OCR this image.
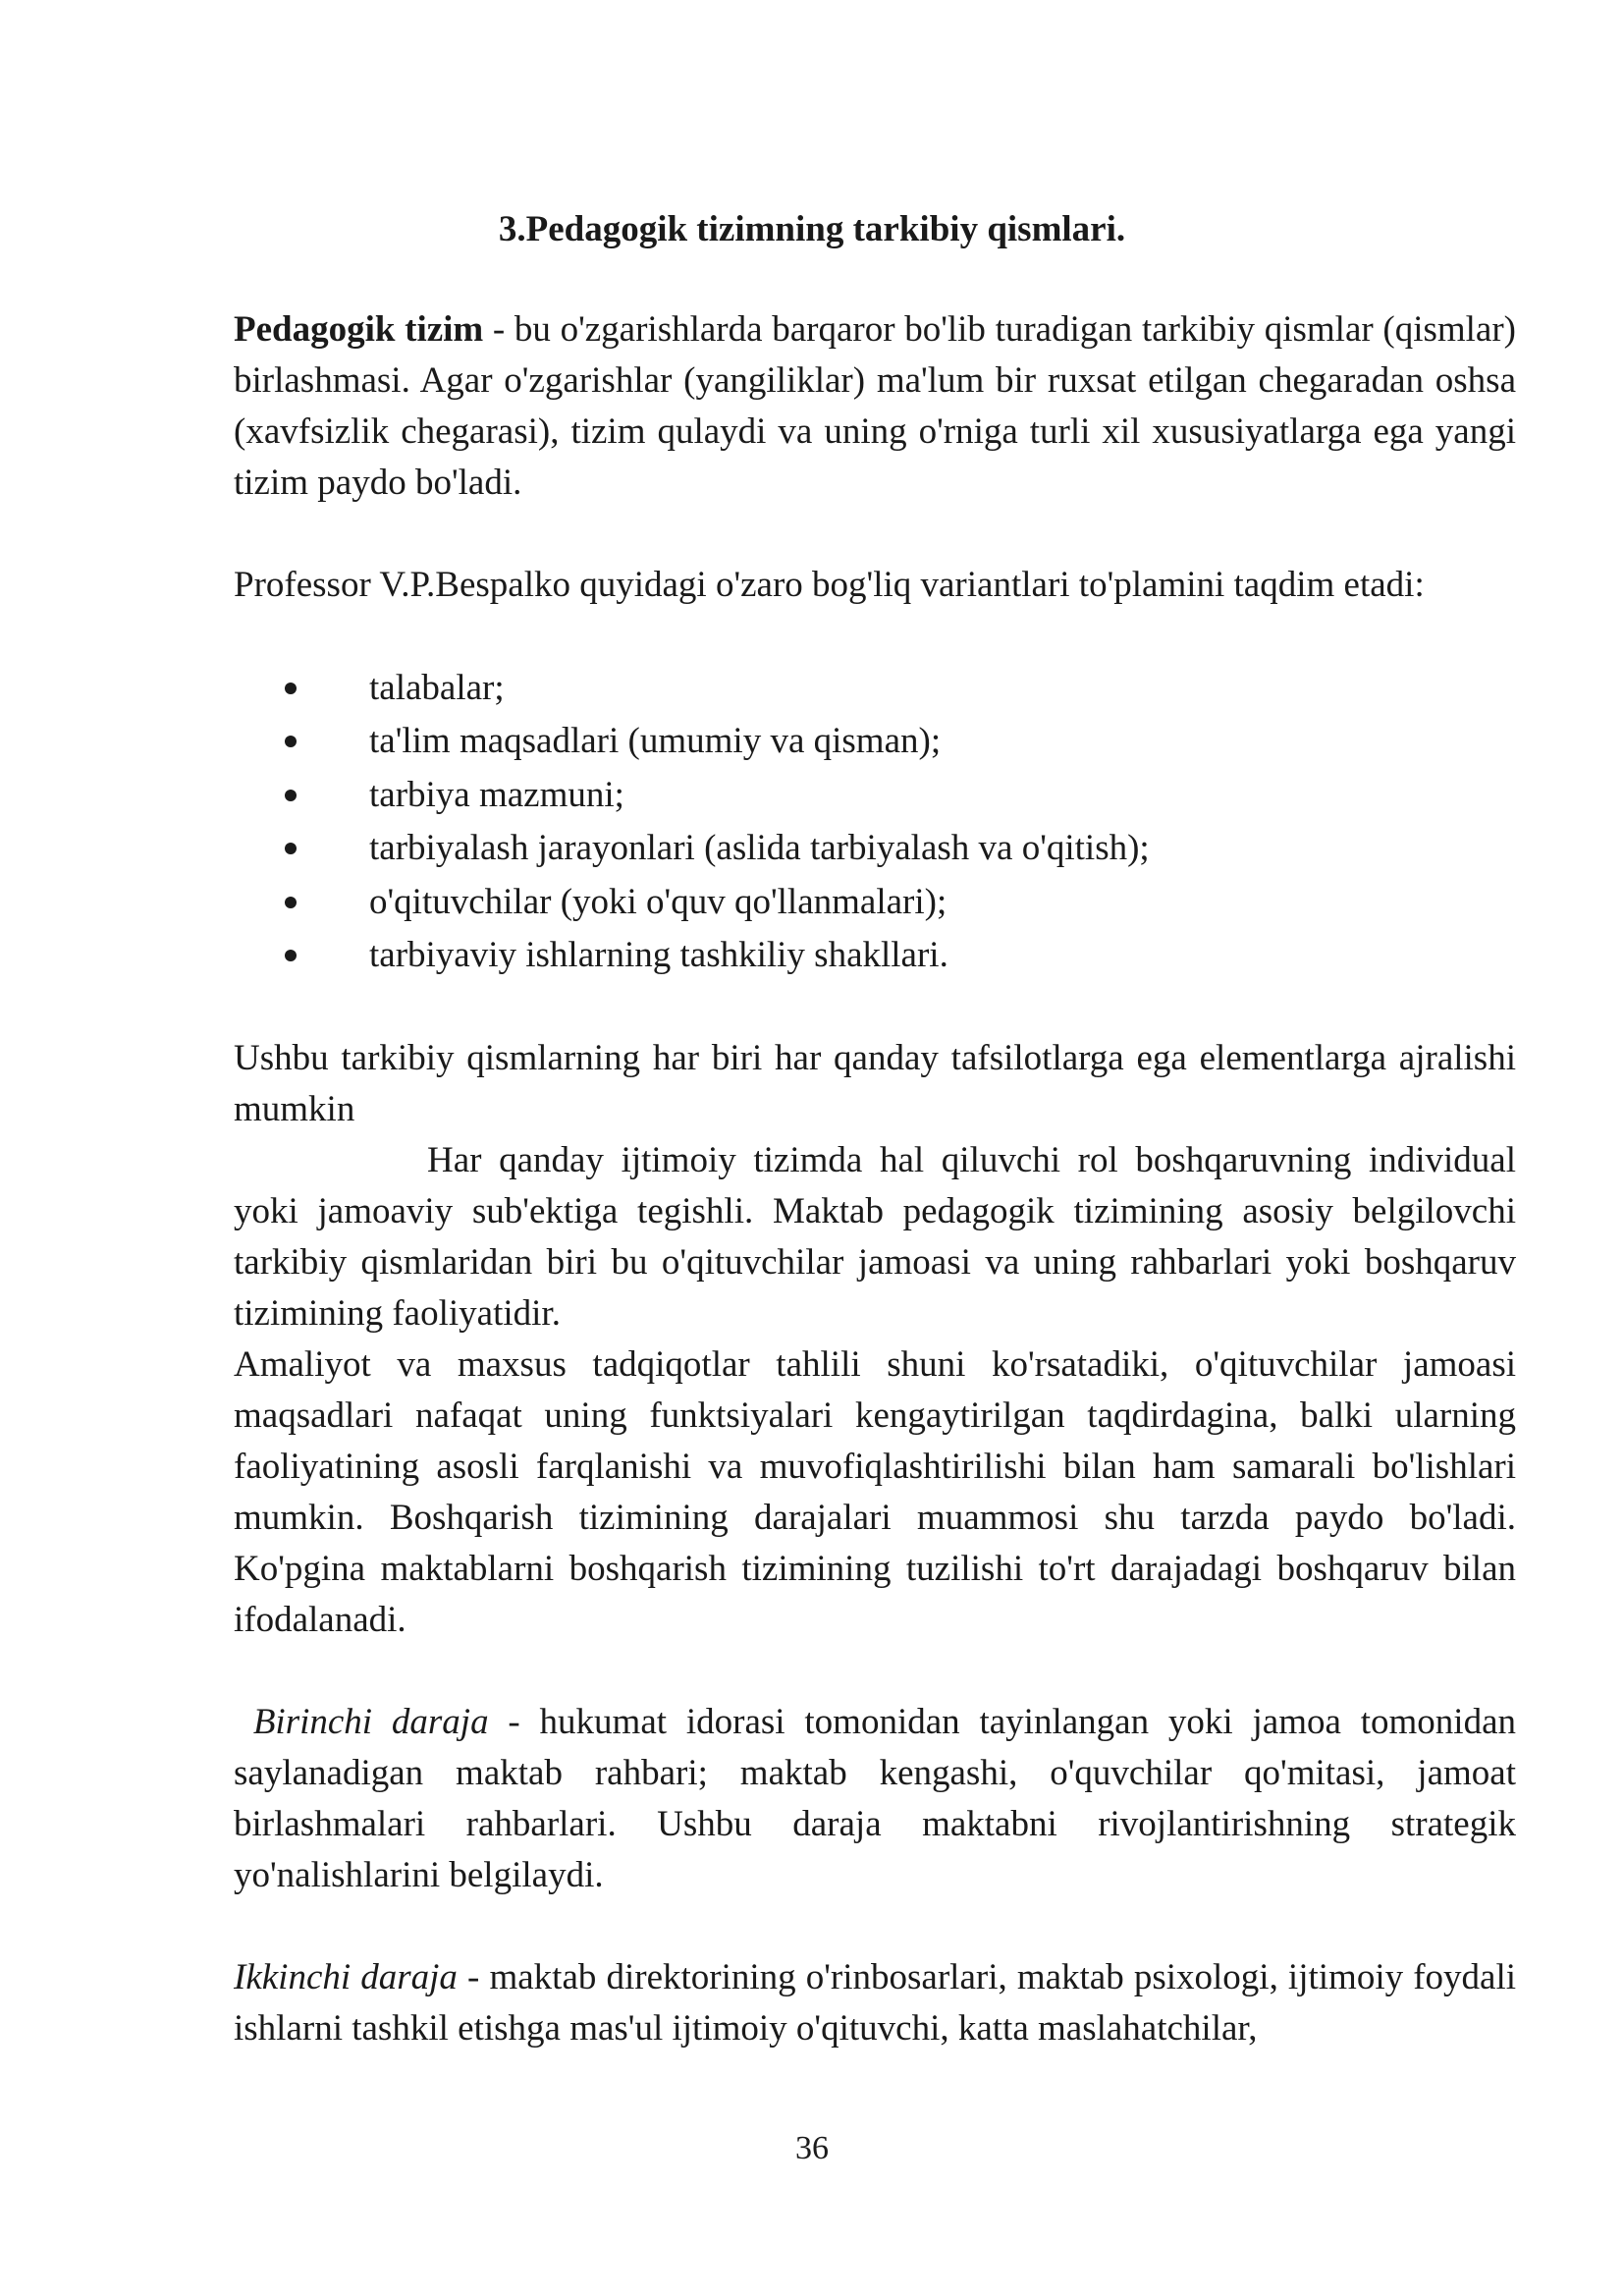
3.Pedagogik tizimning tarkibiy qismlari.

Pedagogik tizim - bu o'zgarishlarda barqaror bo'lib turadigan tarkibiy qismlar (qismlar) birlashmasi. Agar o'zgarishlar (yangiliklar) ma'lum bir ruxsat etilgan chegaradan oshsa (xavfsizlik chegarasi), tizim qulaydi va uning o'rniga turli xil xususiyatlarga ega yangi tizim paydo bo'ladi.

Professor V.P.Bespalko quyidagi o'zaro bog'liq variantlari to'plamini taqdim etadi:

talabalar;
ta'lim maqsadlari (umumiy va qisman);
tarbiya mazmuni;
tarbiyalash jarayonlari (aslida tarbiyalash va o'qitish);
o'qituvchilar (yoki o'quv qo'llanmalari);
tarbiyaviy ishlarning tashkiliy shakllari.

Ushbu tarkibiy qismlarning har biri har qanday tafsilotlarga ega elementlarga ajralishi mumkin

Har qanday ijtimoiy tizimda hal qiluvchi rol boshqaruvning individual yoki jamoaviy sub'ektiga tegishli. Maktab pedagogik tizimining asosiy belgilovchi tarkibiy qismlaridan biri bu o'qituvchilar jamoasi va uning rahbarlari yoki boshqaruv tizimining faoliyatidir.

Amaliyot va maxsus tadqiqotlar tahlili shuni ko'rsatadiki, o'qituvchilar jamoasi maqsadlari nafaqat uning funktsiyalari kengaytirilgan taqdirdagina, balki ularning faoliyatining asosli farqlanishi va muvofiqlashtirilishi bilan ham samarali bo'lishlari mumkin. Boshqarish tizimining darajalari muammosi shu tarzda paydo bo'ladi. Ko'pgina maktablarni boshqarish tizimining tuzilishi to'rt darajadagi boshqaruv bilan ifodalanadi.

Birinchi daraja - hukumat idorasi tomonidan tayinlangan yoki jamoa tomonidan saylanadigan maktab rahbari; maktab kengashi, o'quvchilar qo'mitasi, jamoat birlashmalari rahbarlari. Ushbu daraja maktabni rivojlantirishning strategik yo'nalishlarini belgilaydi.

Ikkinchi daraja - maktab direktorining o'rinbosarlari, maktab psixologi, ijtimoiy foydali ishlarni tashkil etishga mas'ul ijtimoiy o'qituvchi, katta maslahatchilar,

36
